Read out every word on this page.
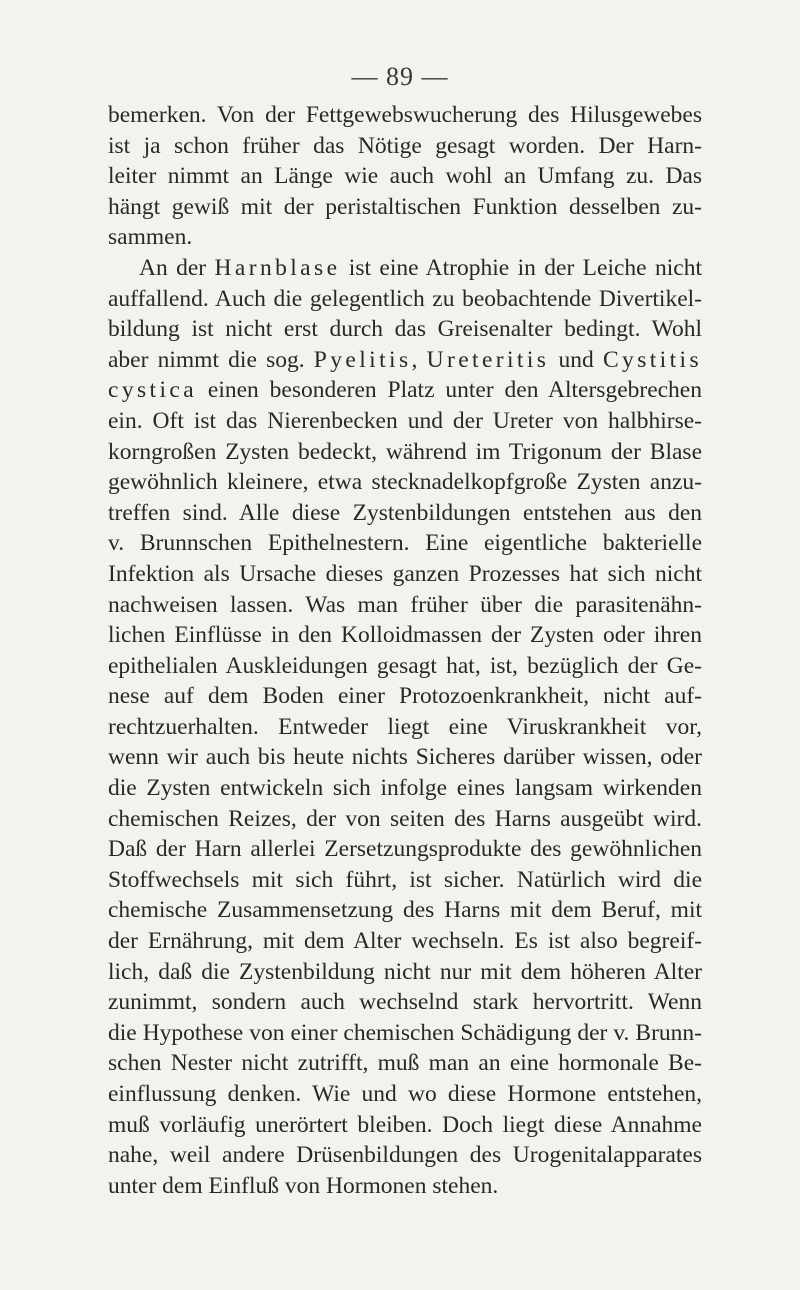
— 89 —
bemerken. Von der Fettgewebswucherung des Hilusgewebes
ist ja schon früher das Nötige gesagt worden. Der Harn-
leiter nimmt an Länge wie auch wohl an Umfang zu. Das
hängt gewiß mit der peristaltischen Funktion desselben zu-
sammen.
An der Harnblase ist eine Atrophie in der Leiche nicht
auffallend. Auch die gelegentlich zu beobachtende Divertikel-
bildung ist nicht erst durch das Greisenalter bedingt. Wohl
aber nimmt die sog. Pyelitis, Ureteritis und Cystitis
cystica einen besonderen Platz unter den Altersgebrechen
ein. Oft ist das Nierenbecken und der Ureter von halbhirse-
korngroßen Zysten bedeckt, während im Trigonum der Blase
gewöhnlich kleinere, etwa stecknadelkopfgroße Zysten anzu-
treffen sind. Alle diese Zystenbildungen entstehen aus den
v. Brunnschen Epithelnestern. Eine eigentliche bakterielle
Infektion als Ursache dieses ganzen Prozesses hat sich nicht
nachweisen lassen. Was man früher über die parasitenähn-
lichen Einflüsse in den Kolloidmassen der Zysten oder ihren
epithelialen Auskleidungen gesagt hat, ist, bezüglich der Ge-
nese auf dem Boden einer Protozoenkrankheit, nicht auf-
rechtzuerhalten. Entweder liegt eine Viruskrankheit vor,
wenn wir auch bis heute nichts Sicheres darüber wissen, oder
die Zysten entwickeln sich infolge eines langsam wirkenden
chemischen Reizes, der von seiten des Harns ausgeübt wird.
Daß der Harn allerlei Zersetzungsprodukte des gewöhnlichen
Stoffwechsels mit sich führt, ist sicher. Natürlich wird die
chemische Zusammensetzung des Harns mit dem Beruf, mit
der Ernährung, mit dem Alter wechseln. Es ist also begreif-
lich, daß die Zystenbildung nicht nur mit dem höheren Alter
zunimmt, sondern auch wechselnd stark hervortritt. Wenn
die Hypothese von einer chemischen Schädigung der v. Brunn-
schen Nester nicht zutrifft, muß man an eine hormonale Be-
einflussung denken. Wie und wo diese Hormone entstehen,
muß vorläufig unerörtert bleiben. Doch liegt diese Annahme
nahe, weil andere Drüsenbildungen des Urogenitalapparates
unter dem Einfluß von Hormonen stehen.
